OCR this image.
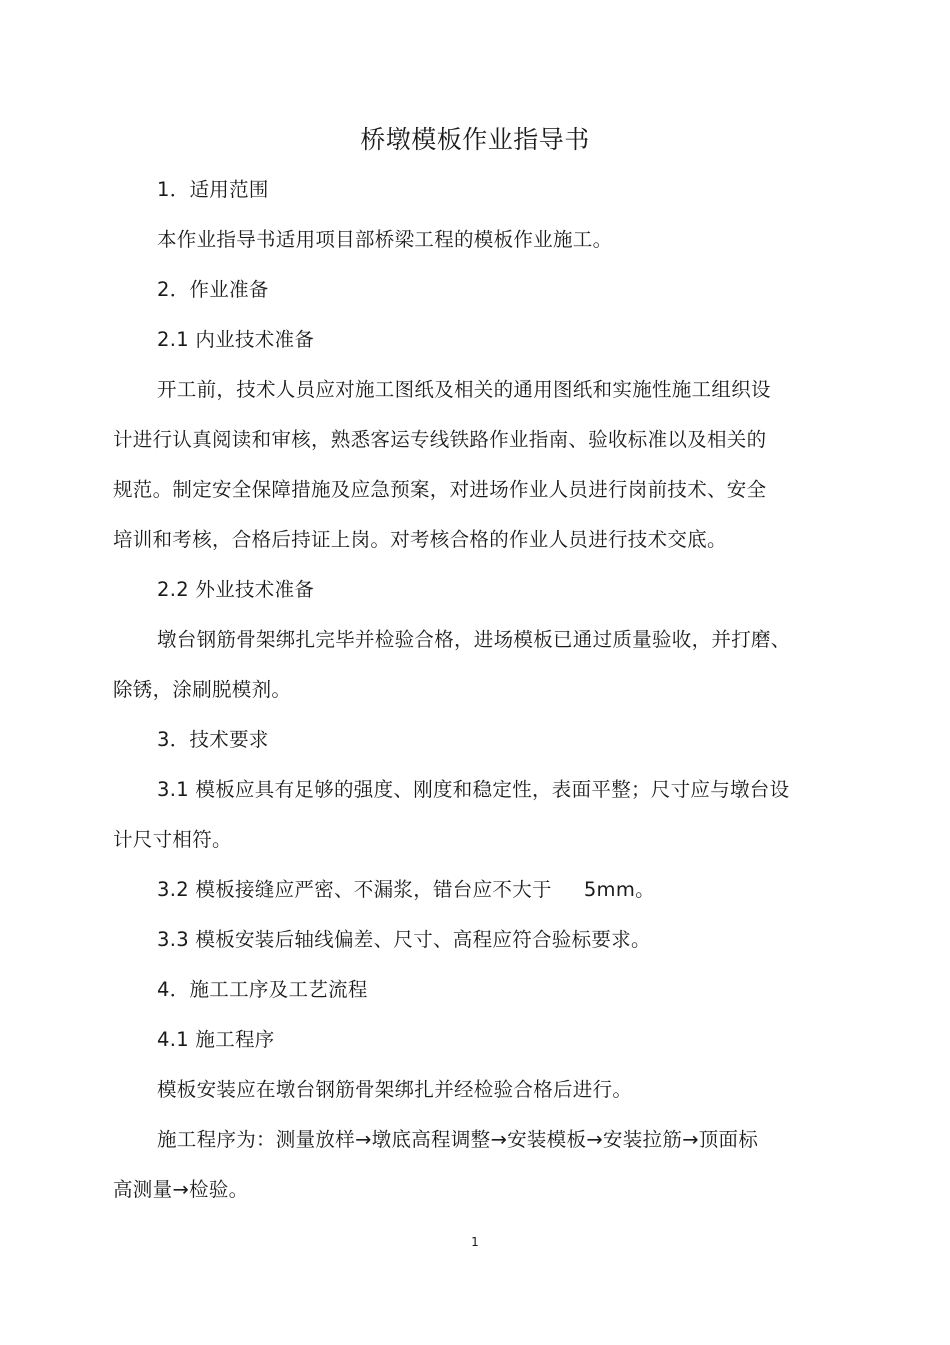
桥墩模板作业指导书
1．适用范围
本作业指导书适用项目部桥梁工程的模板作业施工。
2．作业准备
2.1 内业技术准备
开工前，技术人员应对施工图纸及相关的通用图纸和实施性施工组织设
计进行认真阅读和审核，熟悉客运专线铁路作业指南、验收标准以及相关的
规范。制定安全保障措施及应急预案，对进场作业人员进行岗前技术、安全
培训和考核，合格后持证上岗。对考核合格的作业人员进行技术交底。
2.2 外业技术准备
墩台钢筋骨架绑扎完毕并检验合格，进场模板已通过质量验收，并打磨、
除锈，涂刷脱模剂。
3．技术要求
3.1 模板应具有足够的强度、刚度和稳定性，表面平整；尺寸应与墩台设
计尺寸相符。
3.2 模板接缝应严密、不漏浆，错台应不大于 5mm。
3.3 模板安装后轴线偏差、尺寸、高程应符合验标要求。
4．施工工序及工艺流程
4.1 施工程序
模板安装应在墩台钢筋骨架绑扎并经检验合格后进行。
施工程序为：测量放样→墩底高程调整→安装模板→安装拉筋→顶面标
高测量→检验。
1
